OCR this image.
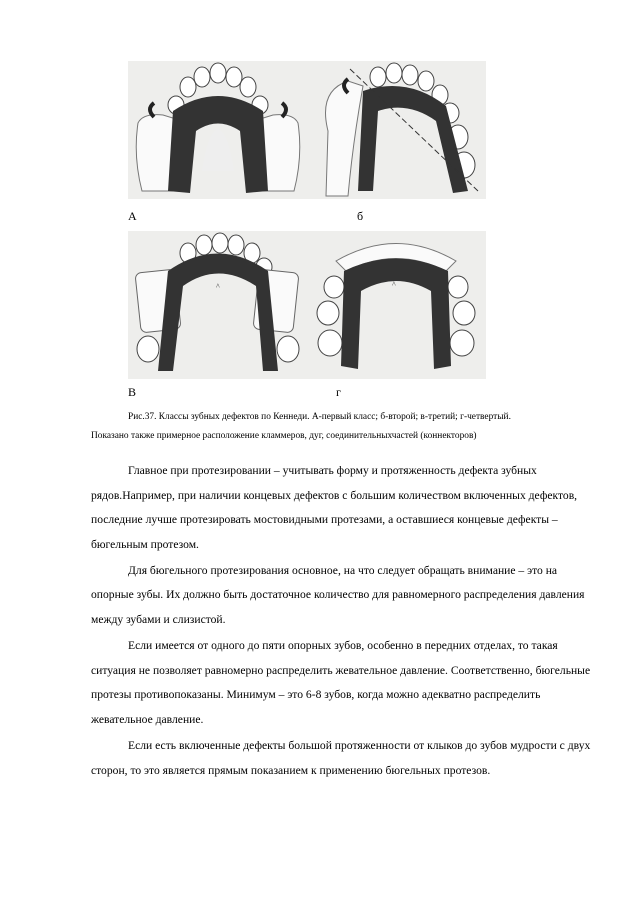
А	б
^	^
В	г
Рис.37. Классы зубных дефектов по Кеннеди. А-первый класс; б-второй; в-третий; г-четвертый.
Показано также примерное расположение кламмеров, дуг, соединительныхчастей (коннекторов)

Главное при протезировании – учитывать форму и протяженность дефекта зубных рядов.Например, при наличии концевых дефектов с большим количеством включенных дефектов, последние лучше протезировать мостовидными протезами, а оставшиеся концевые дефекты – бюгельным протезом.

Для бюгельного протезирования основное, на что следует обращать внимание – это на опорные зубы. Их должно быть достаточное количество для равномерного распределения давления между зубами и слизистой.

Если имеется от одного до пяти опорных зубов, особенно в передних отделах, то такая ситуация не позволяет равномерно распределить жевательное давление. Соответственно, бюгельные протезы противопоказаны. Минимум – это 6-8 зубов, когда можно адекватно распределить жевательное давление.

Если есть включенные дефекты большой протяженности от клыков до зубов мудрости с двух сторон, то это является прямым показанием к применению бюгельных протезов.
